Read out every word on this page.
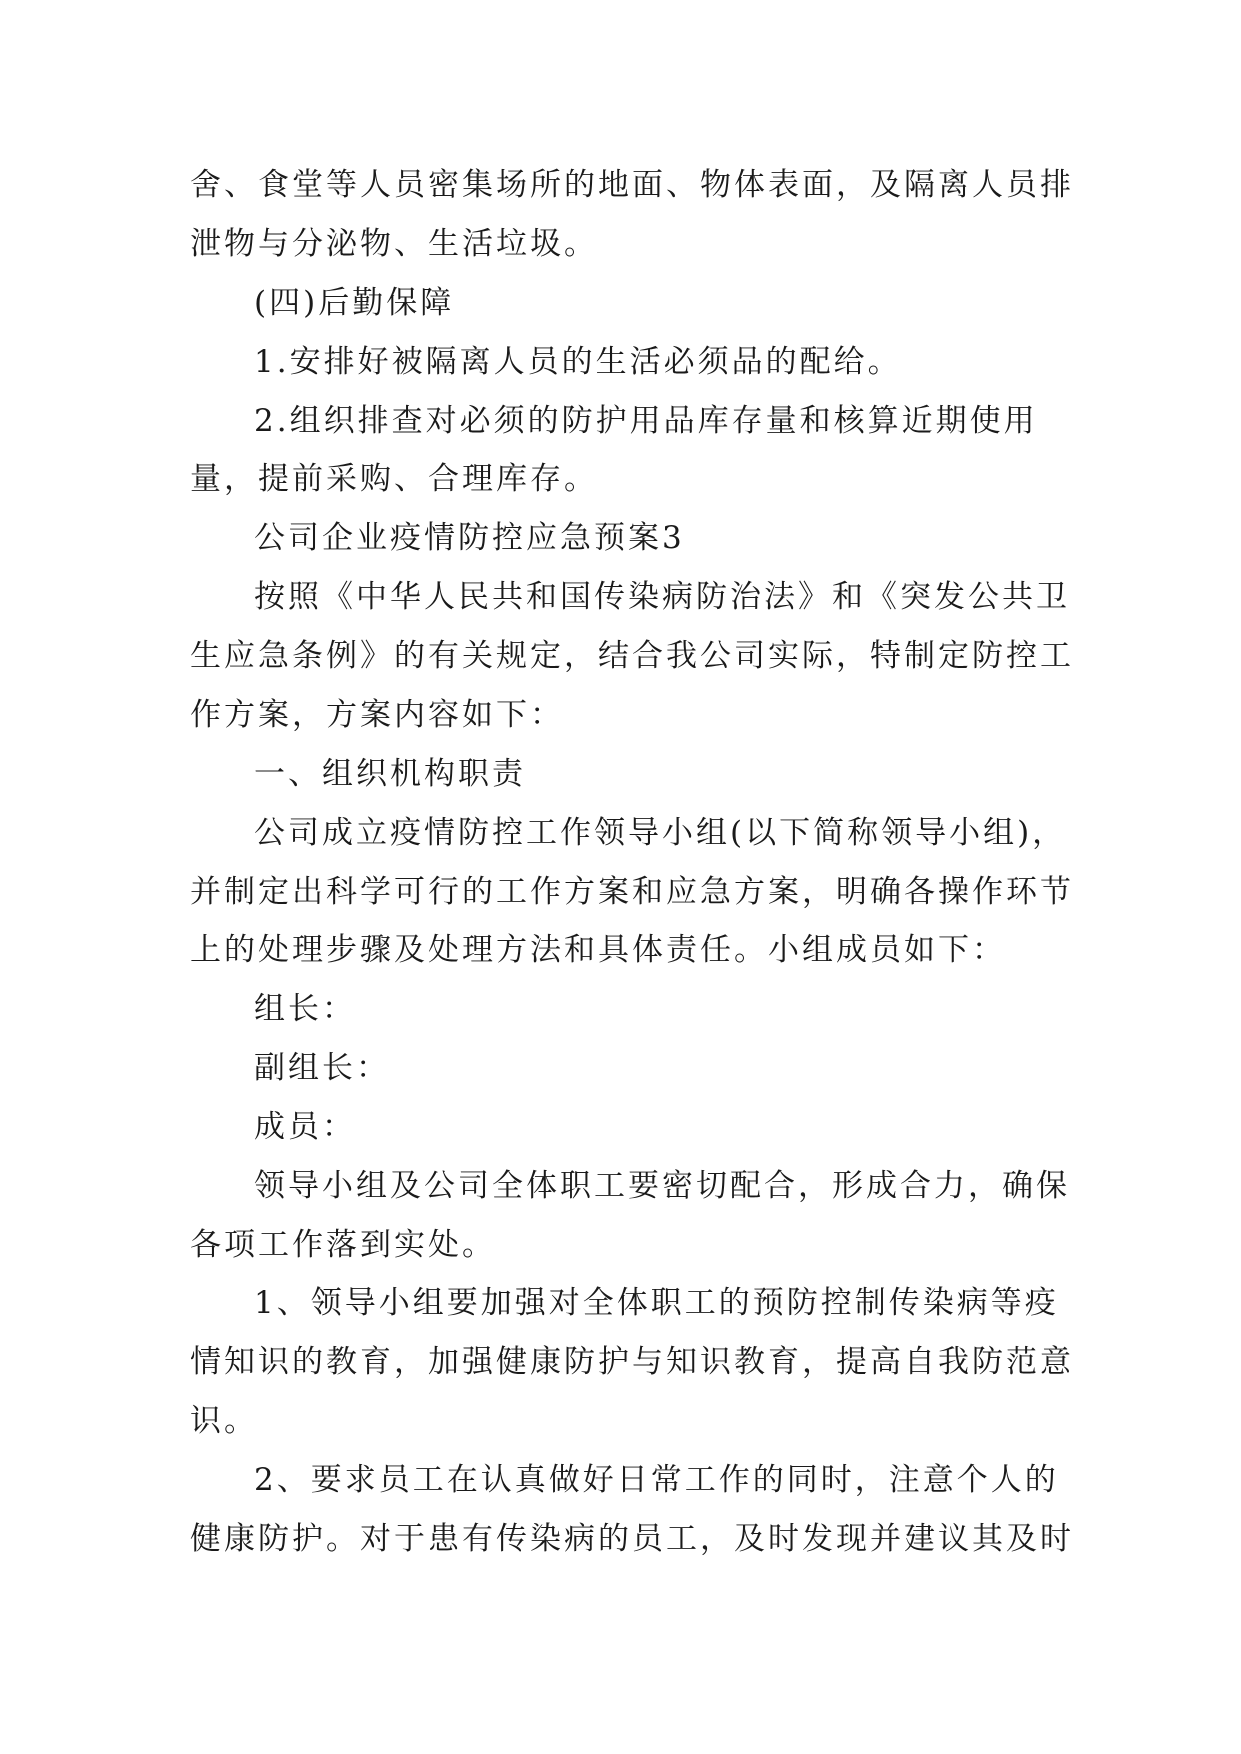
舍、食堂等人员密集场所的地面、物体表面，及隔离人员排
泄物与分泌物、生活垃圾。
(四)后勤保障
1.安排好被隔离人员的生活必须品的配给。
2.组织排查对必须的防护用品库存量和核算近期使用
量，提前采购、合理库存。
公司企业疫情防控应急预案3
按照《中华人民共和国传染病防治法》和《突发公共卫
生应急条例》的有关规定，结合我公司实际，特制定防控工
作方案，方案内容如下：
一、组织机构职责
公司成立疫情防控工作领导小组(以下简称领导小组)，
并制定出科学可行的工作方案和应急方案，明确各操作环节
上的处理步骤及处理方法和具体责任。小组成员如下：
组长：
副组长：
成员：
领导小组及公司全体职工要密切配合，形成合力，确保
各项工作落到实处。
1、领导小组要加强对全体职工的预防控制传染病等疫
情知识的教育，加强健康防护与知识教育，提高自我防范意
识。
2、要求员工在认真做好日常工作的同时，注意个人的
健康防护。对于患有传染病的员工，及时发现并建议其及时
